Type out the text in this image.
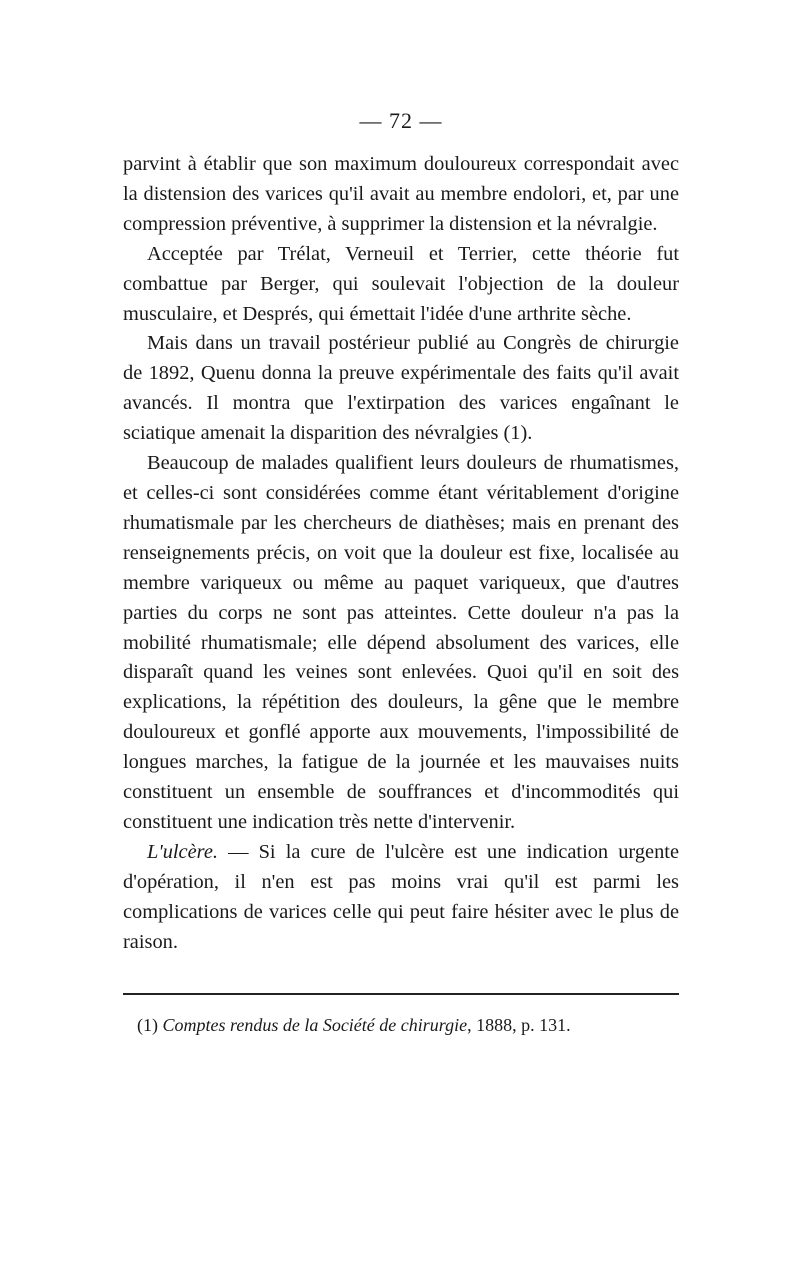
— 72 —

parvint à établir que son maximum douloureux correspondait avec la distension des varices qu'il avait au membre endolori, et, par une compression préventive, à supprimer la distension et la névralgie.

Acceptée par Trélat, Verneuil et Terrier, cette théorie fut combattue par Berger, qui soulevait l'objection de la douleur musculaire, et Després, qui émettait l'idée d'une arthrite sèche.

Mais dans un travail postérieur publié au Congrès de chirurgie de 1892, Quenu donna la preuve expérimentale des faits qu'il avait avancés. Il montra que l'extirpation des varices engaînant le sciatique amenait la disparition des névralgies (1).

Beaucoup de malades qualifient leurs douleurs de rhumatismes, et celles-ci sont considérées comme étant véritablement d'origine rhumatismale par les chercheurs de diathèses; mais en prenant des renseignements précis, on voit que la douleur est fixe, localisée au membre variqueux ou même au paquet variqueux, que d'autres parties du corps ne sont pas atteintes. Cette douleur n'a pas la mobilité rhumatismale; elle dépend absolument des varices, elle disparaît quand les veines sont enlevées. Quoi qu'il en soit des explications, la répétition des douleurs, la gêne que le membre douloureux et gonflé apporte aux mouvements, l'impossibilité de longues marches, la fatigue de la journée et les mauvaises nuits constituent un ensemble de souffrances et d'incommodités qui constituent une indication très nette d'intervenir.

L'ulcère. — Si la cure de l'ulcère est une indication urgente d'opération, il n'en est pas moins vrai qu'il est parmi les complications de varices celle qui peut faire hésiter avec le plus de raison.

(1) Comptes rendus de la Société de chirurgie, 1888, p. 131.
